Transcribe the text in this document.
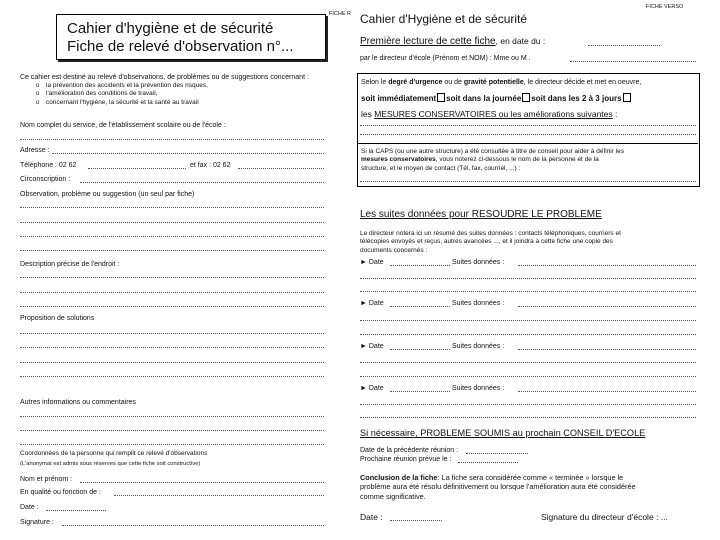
FICHE R
Cahier d'hygiène et de sécurité
Fiche de relevé d'observation n°...
Ce cahier est destiné au relevé d'observations, de problèmes ou de suggestions concernant :
o la prévention des accidents et la prévention des risques,
o l'amélioration des conditions de travail,
o concernant l'hygiène, la sécurité et la santé au travail
Nom complet du service, de l'établissement scolaire ou de l'école :
Adresse :
Téléphone : 02 62	et fax : 02 62
Circonscription :
Observation, problème ou suggestion (un seul par fiche)
Description précise de l'endroit :
Proposition de solutions
Autres informations ou commentaires
Coordonnées de la personne qui remplit ce relevé d'observations
(L'anonymat est admis sous réserves que cette fiche soit constructive)
Nom et prénom :
En qualité ou fonction de :
Date :
Signature :
FICHE VERSO
Cahier d'Hygiène et de sécurité
Première lecture de cette fiche, en date du :
par le directeur d'école (Prénom et NOM) : Mme ou M .
Selon le degré d'urgence ou de gravité potentielle, le directeur décide et met en oeuvre,
soit immédiatement soit dans la journée soit dans les 2 à 3 jours
les MESURES CONSERVATOIRES ou les améliorations suivantes :
Si la CAPS (ou une autre structure) a été consultée à titre de conseil pour aider à définir les
mesures conservatoires, vous noterez ci-dessous le nom de la personne et de la
structure, et le moyen de contact (Tél, fax, courriel, ...) :
Les suites données pour RESOUDRE LE PROBLEME
Le directeur notera ici un résumé des suites données : contacts téléphoniques, courriers et
télécopies envoyés et reçus, autres avancées ..., et il joindra à cette fiche une copie des
documents concernés :
► Date	Suites données :
► Date	Suites données :
► Date	Suites données :
► Date	Suites données :
Si nécessaire, PROBLEME SOUMIS au prochain CONSEIL D'ECOLE
Date de la précédente réunion :
Prochaine réunion prévue le :
Conclusion de la fiche: La fiche sera considérée comme « terminée » lorsque le
problème aura été résolu définitivement ou lorsque l'amélioration aura été considérée
comme significative.
Date :	Signature du directeur d'école : ...
